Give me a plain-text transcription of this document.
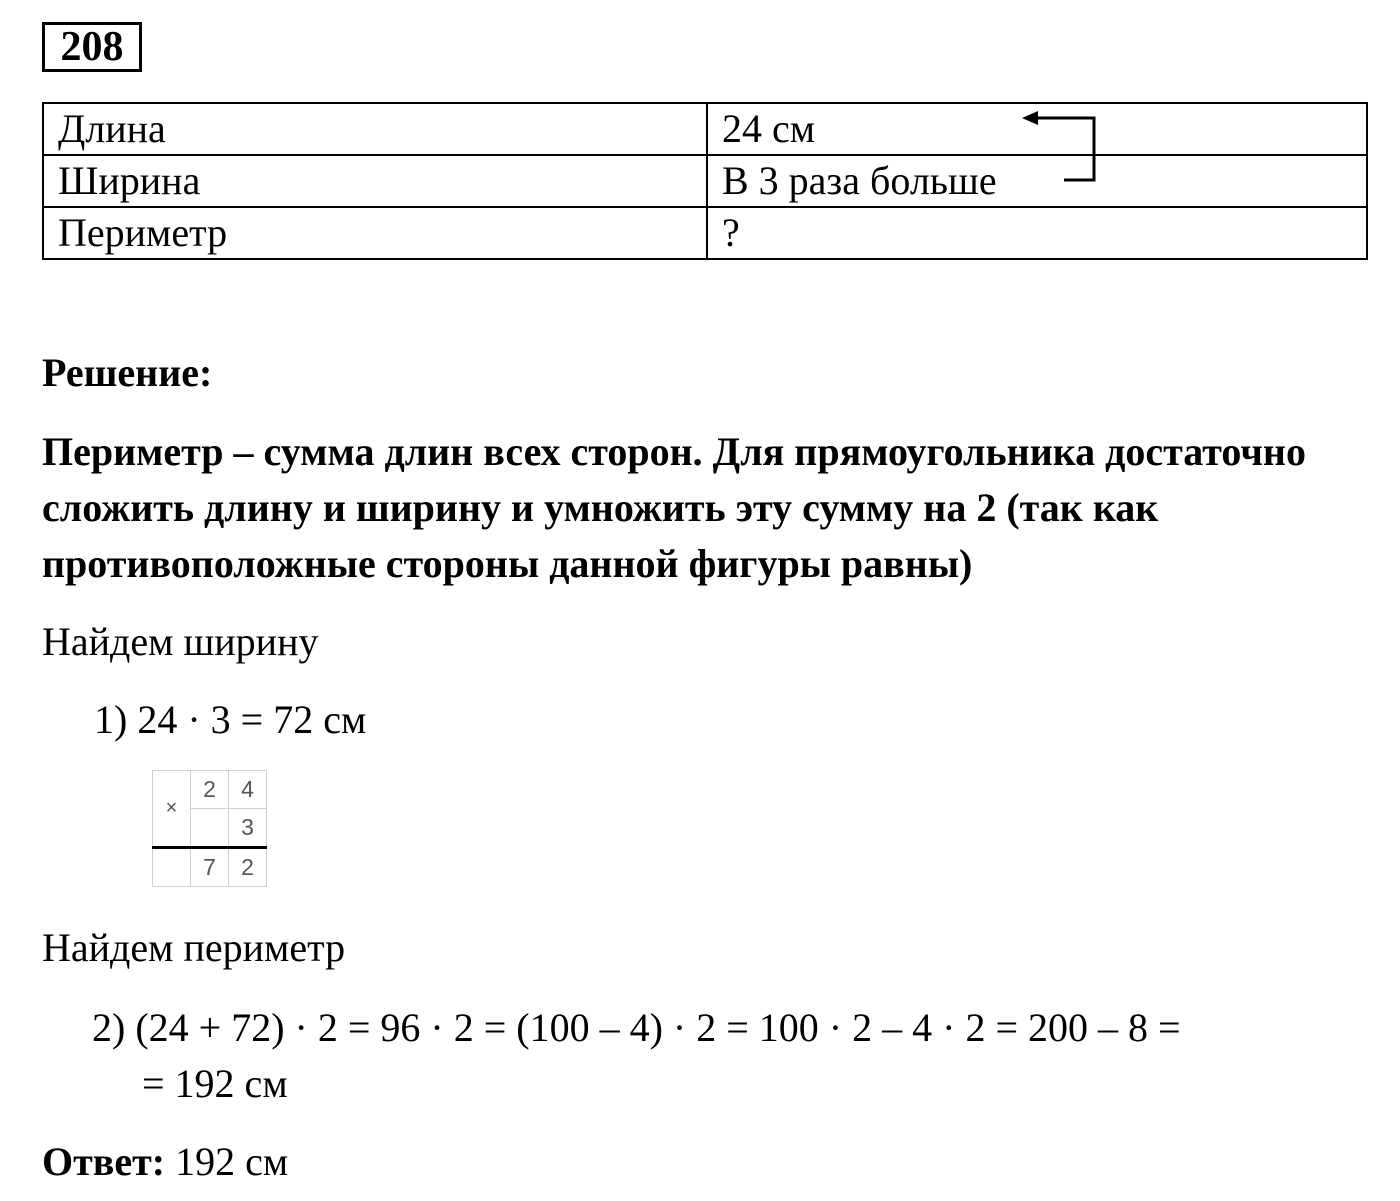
208
Длина	24 см
Ширина	В 3 раза больше
Периметр	?
Решение:
Периметр – сумма длин всех сторон. Для прямоугольника достаточно сложить длину и ширину и умножить эту сумму на 2 (так как противоположные стороны данной фигуры равны)
Найдем ширину
1) 24 · 3 = 72 см
×	2	4
		3
	7	2
Найдем периметр
2) (24 + 72) · 2 = 96 · 2 = (100 – 4) · 2 = 100 · 2 – 4 · 2 = 200 – 8 =
= 192 см
Ответ: 192 см
